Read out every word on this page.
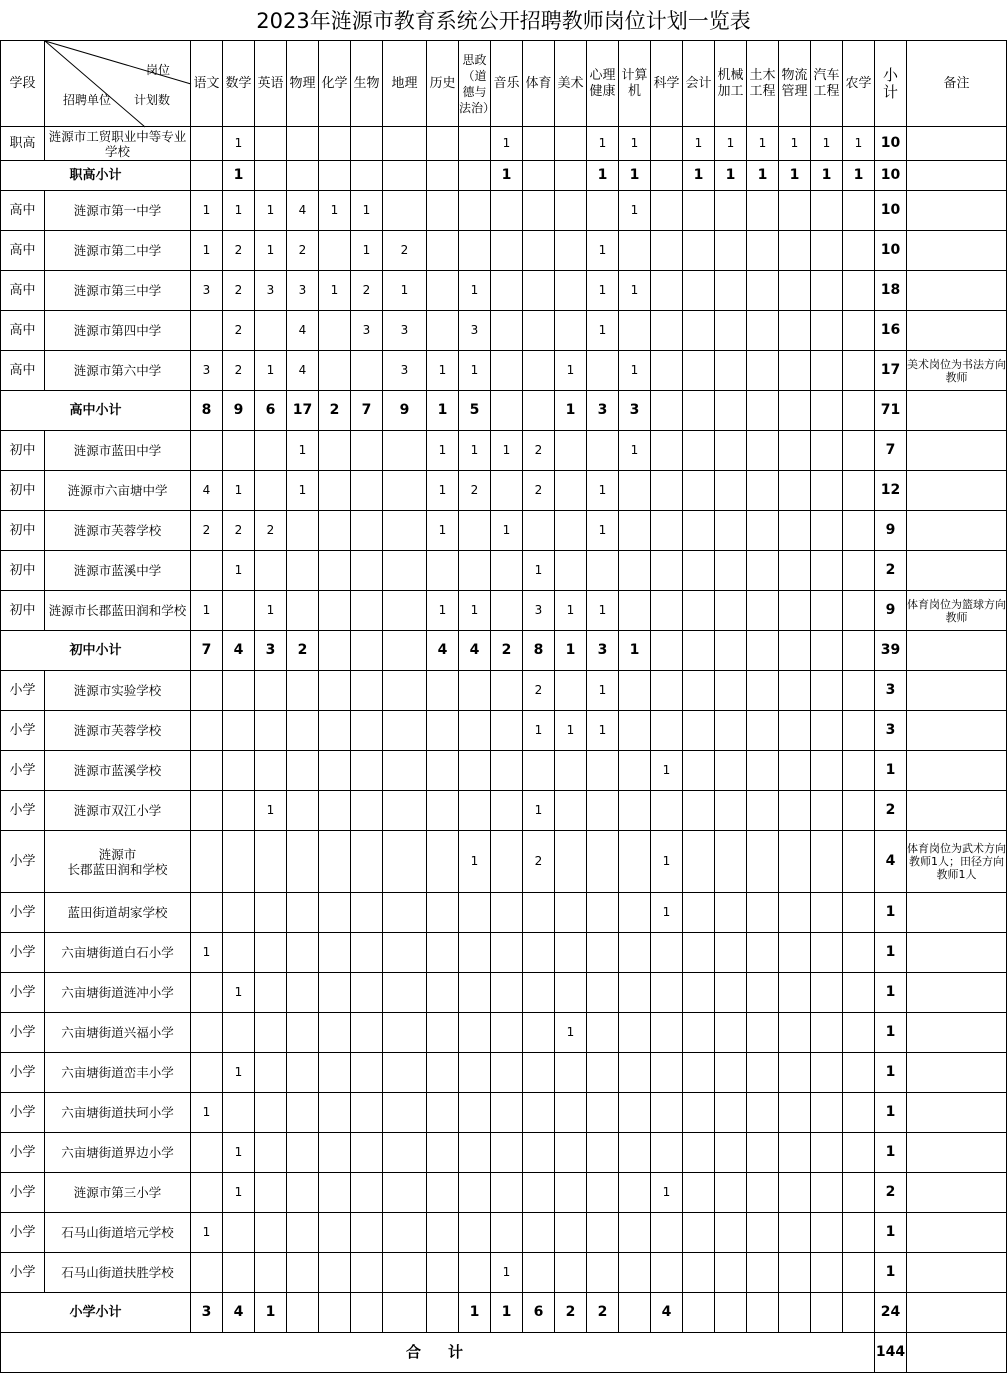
2023年涟源市教育系统公开招聘教师岗位计划一览表
学段	岗位
计划数
招聘单位	语文	数学	英语	物理	化学	生物	地理	历史	思政（道德与法治）	音乐	体育	美术	心理健康	计算机	科学	会计	机械加工	土木工程	物流管理	汽车工程	农学	小计	备注
职高	涟源市工贸职业中等专业学校		1								1			1	1		1	1	1	1	1	1	10	
职高小计			1								1			1	1		1	1	1	1	1	1	10	
高中	涟源市第一中学	1	1	1	4	1	1								1								10	
高中	涟源市第二中学	1	2	1	2		1	2						1									10	
高中	涟源市第三中学	3	2	3	3	1	2	1		1				1	1								18	
高中	涟源市第四中学		2		4		3	3		3				1									16	
高中	涟源市第六中学	3	2	1	4			3	1	1			1		1								17	美术岗位为书法方向教师
高中小计		8	9	6	17	2	7	9	1	5			1	3	3								71	
初中	涟源市蓝田中学				1				1	1	1	2			1								7	
初中	涟源市六亩塘中学	4	1		1				1	2		2		1									12	
初中	涟源市芙蓉学校	2	2	2					1		1			1									9	
初中	涟源市蓝溪中学		1									1											2	
初中	涟源市长郡蓝田润和学校	1		1					1	1		3	1	1									9	体育岗位为篮球方向教师
初中小计		7	4	3	2				4	4	2	8	1	3	1								39	
小学	涟源市实验学校											2		1									3	
小学	涟源市芙蓉学校											1	1	1									3	
小学	涟源市蓝溪学校															1							1	
小学	涟源市双江小学			1								1											2	
小学	涟源市
长郡蓝田润和学校									1		2				1							4	体育岗位为武术方向教师1人；田径方向教师1人
小学	蓝田街道胡家学校															1							1	
小学	六亩塘街道白石小学	1																					1	
小学	六亩塘街道涟冲小学		1																				1	
小学	六亩塘街道兴福小学												1										1	
小学	六亩塘街道峦丰小学		1																				1	
小学	六亩塘街道扶珂小学	1																					1	
小学	六亩塘街道界边小学		1																				1	
小学	涟源市第三小学		1													1							2	
小学	石马山街道培元学校	1																					1	
小学	石马山街道扶胜学校										1												1	
小学小计		3	4	1						1	1	6	2	2		4							24	
合　计																							144	
